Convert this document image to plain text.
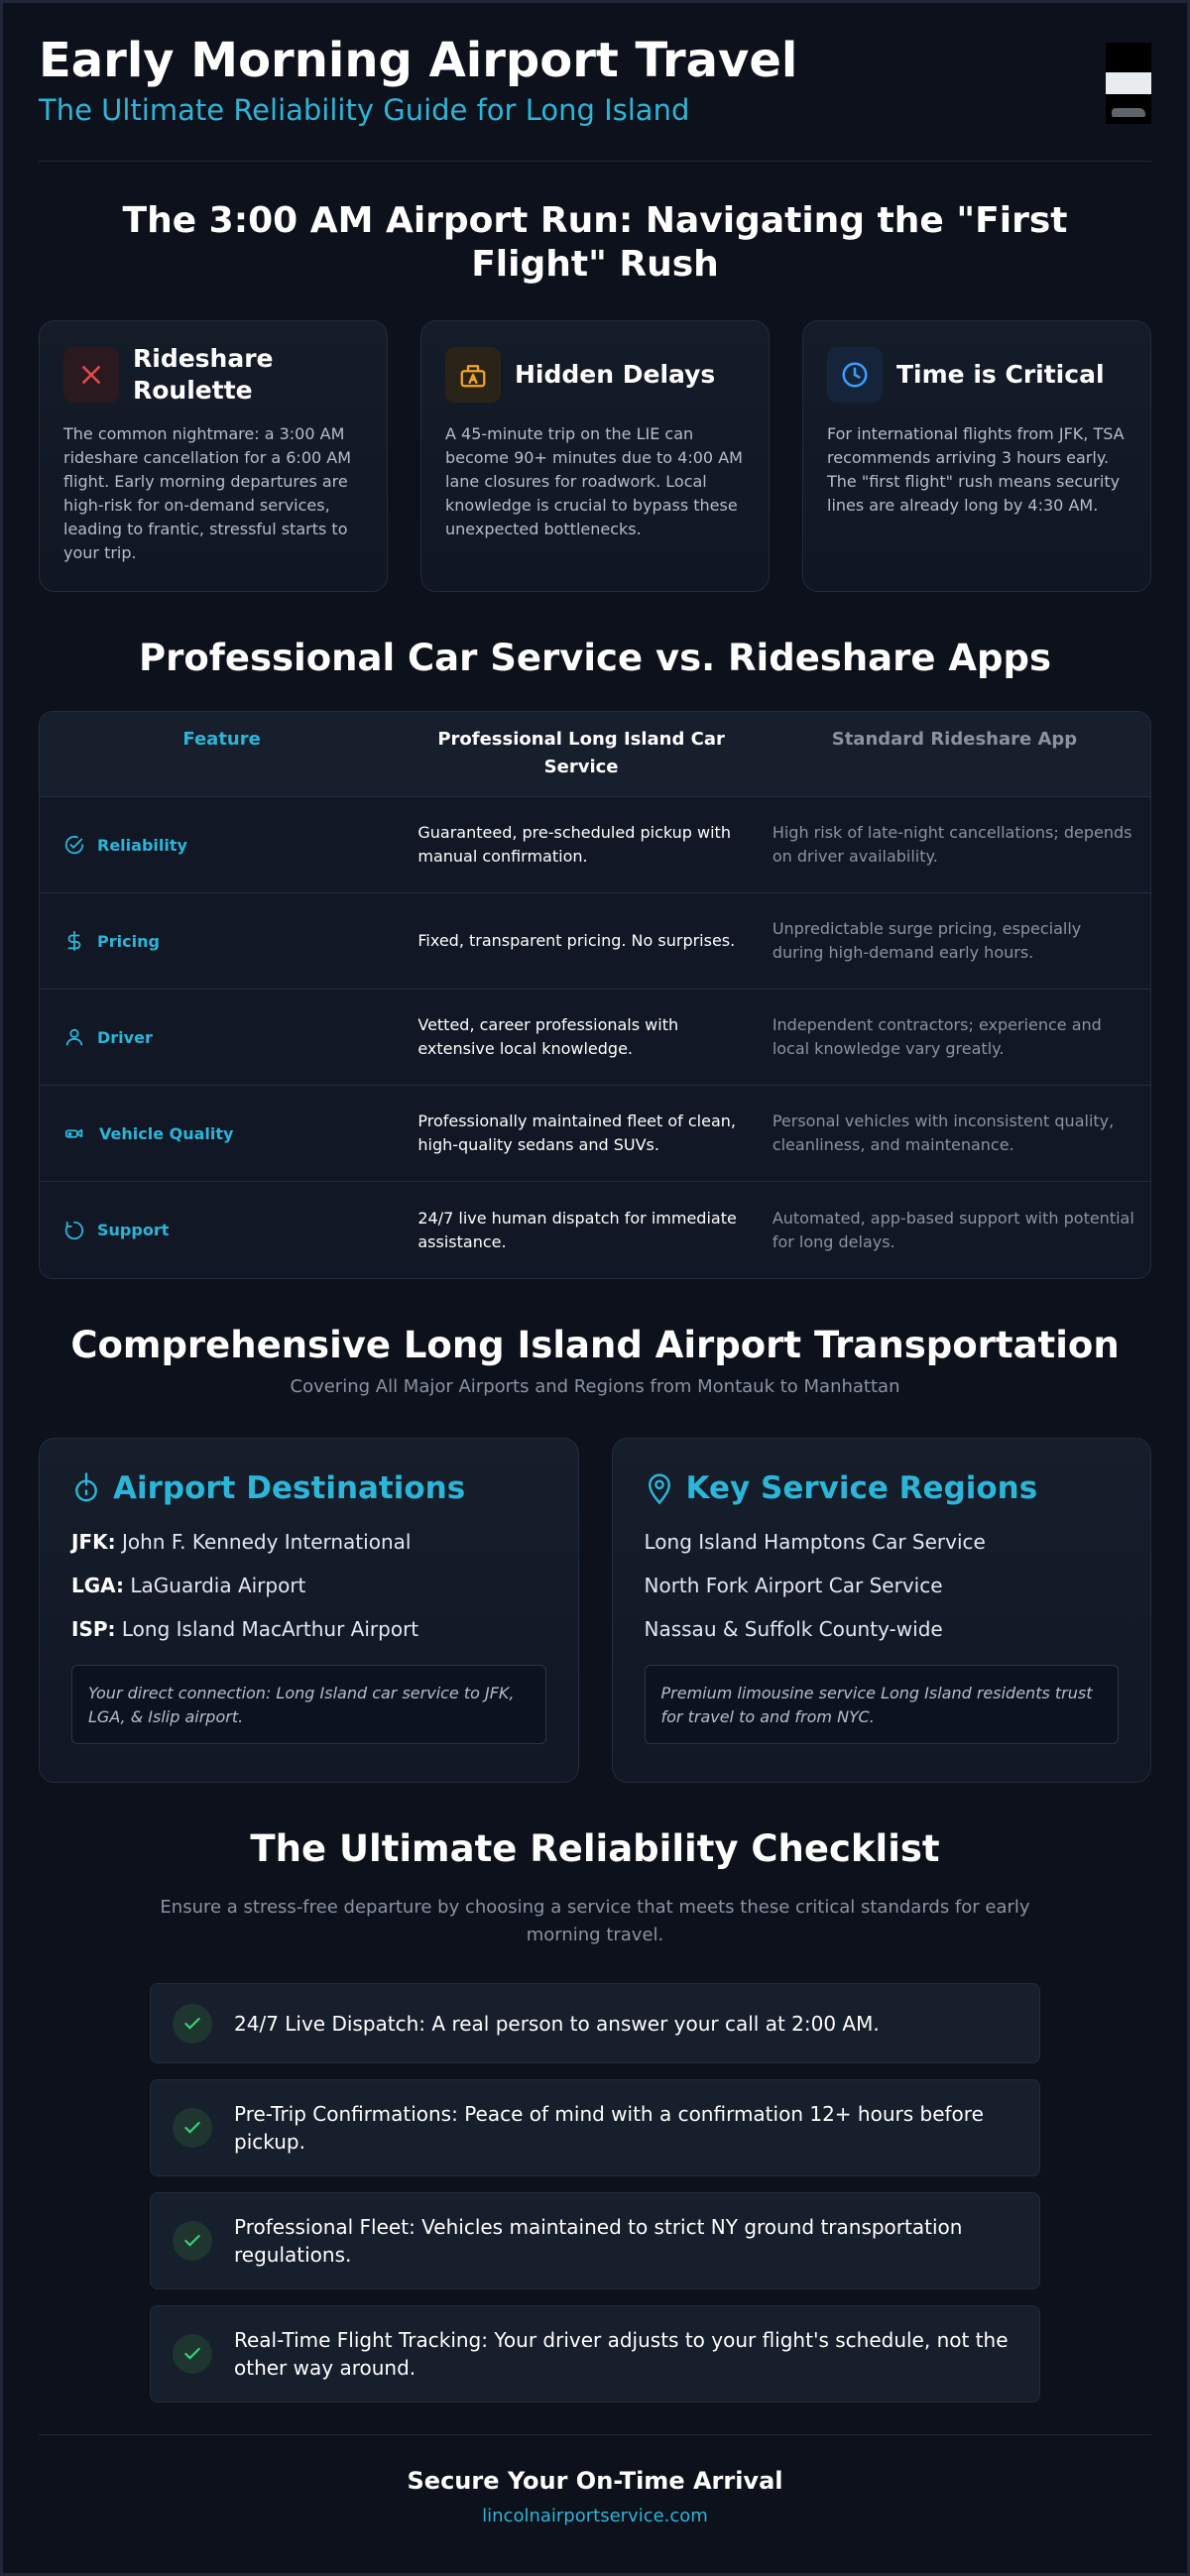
Early Morning Airport Travel
The Ultimate Reliability Guide for Long Island
The 3:00 AM Airport Run: Navigating the "First Flight" Rush
Rideshare Roulette
The common nightmare: a 3:00 AM rideshare cancellation for a 6:00 AM flight. Early morning departures are high-risk for on-demand services, leading to frantic, stressful starts to your trip.
Hidden Delays
A 45-minute trip on the LIE can become 90+ minutes due to 4:00 AM lane closures for roadwork. Local knowledge is crucial to bypass these unexpected bottlenecks.
Time is Critical
For international flights from JFK, TSA recommends arriving 3 hours early. The "first flight" rush means security lines are already long by 4:30 AM.
Professional Car Service vs. Rideshare Apps
Feature	Professional Long Island Car Service
Standard Rideshare App
Reliability
Guaranteed, pre-scheduled pickup with manual confirmation.
High risk of late-night cancellations; depends on driver availability.
Pricing	Fixed, transparent pricing. No surprises.
Unpredictable surge pricing, especially during high-demand early hours.
Driver
Vetted, career professionals with extensive local knowledge.
Independent contractors; experience and local knowledge vary greatly.
Vehicle Quality
Professionally maintained fleet of clean, high-quality sedans and SUVs.
Personal vehicles with inconsistent quality, cleanliness, and maintenance.
Support
24/7 live human dispatch for immediate assistance.
Automated, app-based support with potential for long delays.
Comprehensive Long Island Airport Transportation
Covering All Major Airports and Regions from Montauk to Manhattan
Airport Destinations
JFK: John F. Kennedy International
LGA: LaGuardia Airport
ISP: Long Island MacArthur Airport
Your direct connection: Long Island car service to JFK, LGA, & Islip airport.
Key Service Regions
Long Island Hamptons Car Service
North Fork Airport Car Service
Nassau & Suffolk County-wide
Premium limousine service Long Island residents trust for travel to and from NYC.
The Ultimate Reliability Checklist
Ensure a stress-free departure by choosing a service that meets these critical standards for early morning travel.
24/7 Live Dispatch: A real person to answer your call at 2:00 AM.
Pre-Trip Confirmations: Peace of mind with a confirmation 12+ hours before pickup.
Professional Fleet: Vehicles maintained to strict NY ground transportation regulations.
Real-Time Flight Tracking: Your driver adjusts to your flight's schedule, not the other way around.
Secure Your On-Time Arrival
lincolnairportservice.com
